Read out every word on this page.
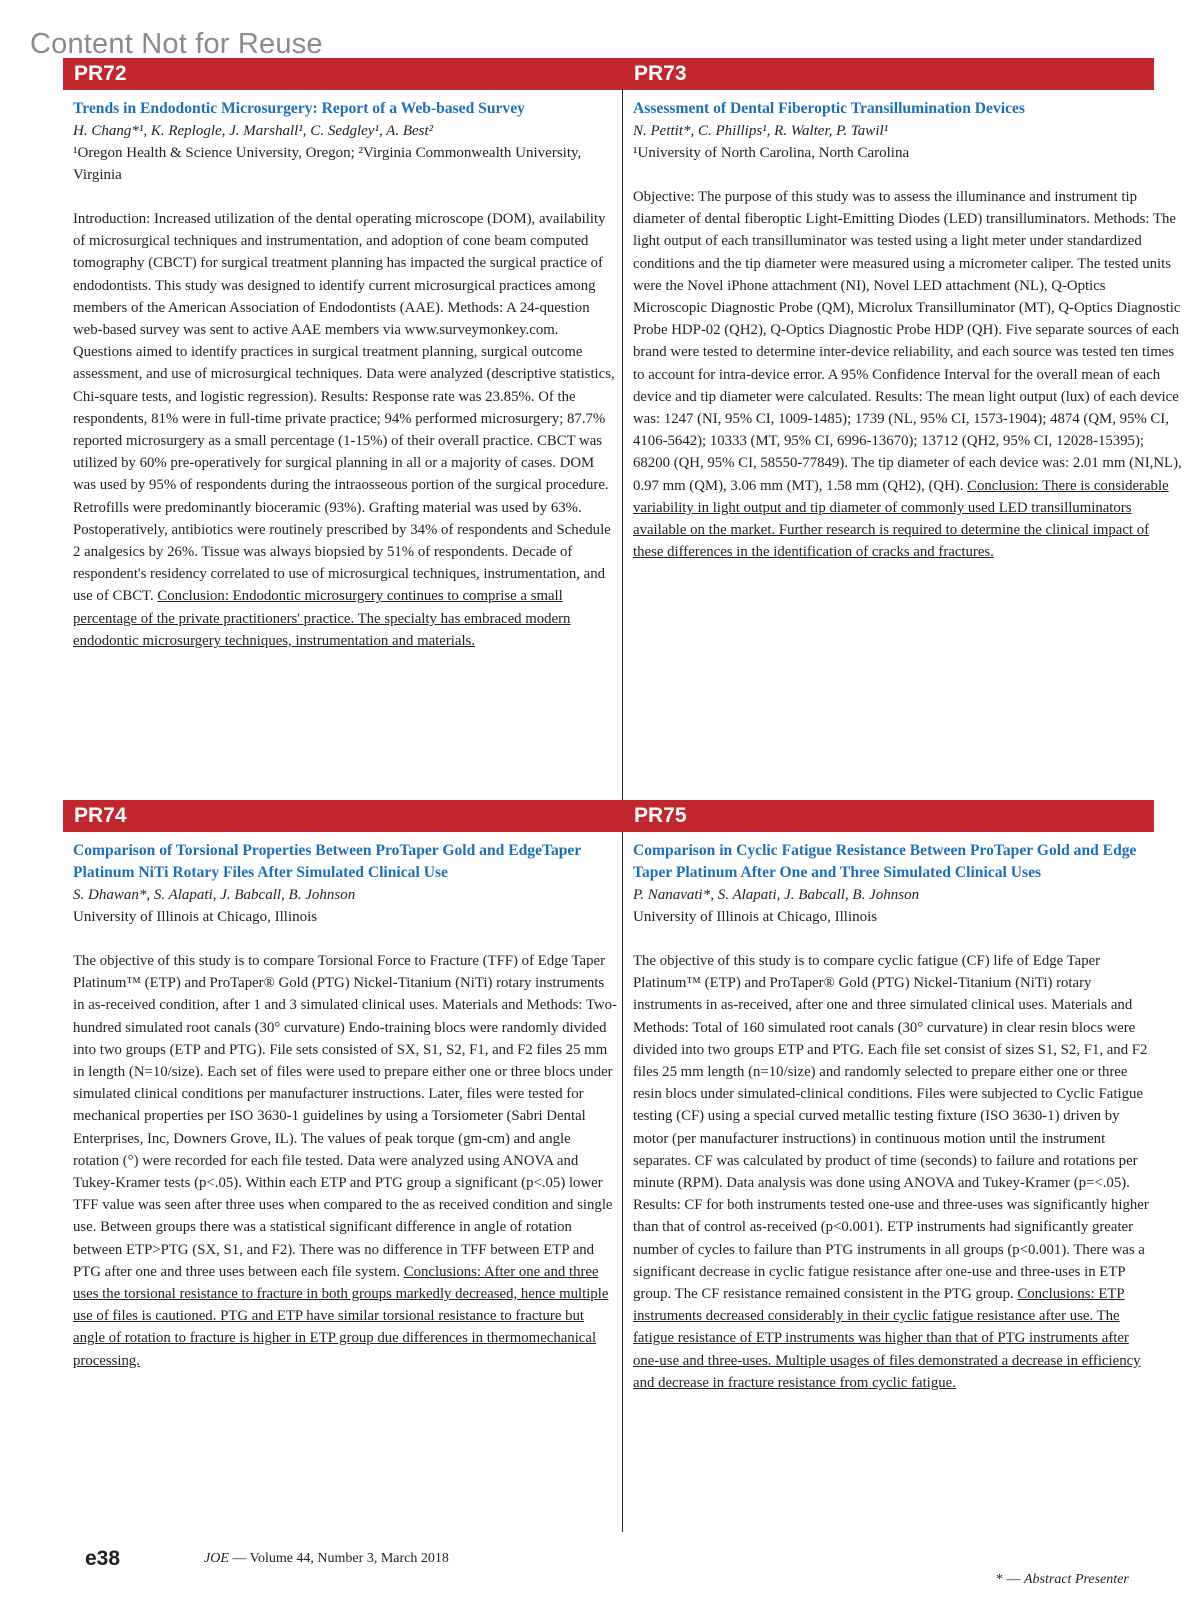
Content Not for Reuse
PR72	PR73
PR74	PR75
Trends in Endodontic Microsurgery: Report of a Web-based Survey
H. Chang*¹, K. Replogle, J. Marshall¹, C. Sedgley¹, A. Best²
¹Oregon Health & Science University, Oregon; ²Virginia Commonwealth University, Virginia
Introduction: Increased utilization of the dental operating microscope (DOM), availability of microsurgical techniques and instrumentation, and adoption of cone beam computed tomography (CBCT) for surgical treatment planning has impacted the surgical practice of endodontists. This study was designed to identify current microsurgical practices among members of the American Association of Endodontists (AAE). Methods: A 24-question web-based survey was sent to active AAE members via www.surveymonkey.com. Questions aimed to identify practices in surgical treatment planning, surgical outcome assessment, and use of microsurgical techniques. Data were analyzed (descriptive statistics, Chi-square tests, and logistic regression). Results: Response rate was 23.85%. Of the respondents, 81% were in full-time private practice; 94% performed microsurgery; 87.7% reported microsurgery as a small percentage (1-15%) of their overall practice. CBCT was utilized by 60% pre-operatively for surgical planning in all or a majority of cases. DOM was used by 95% of respondents during the intraosseous portion of the surgical procedure. Retrofills were predominantly bioceramic (93%). Grafting material was used by 63%. Postoperatively, antibiotics were routinely prescribed by 34% of respondents and Schedule 2 analgesics by 26%. Tissue was always biopsied by 51% of respondents. Decade of respondent's residency correlated to use of microsurgical techniques, instrumentation, and use of CBCT. Conclusion: Endodontic microsurgery continues to comprise a small percentage of the private practitioners' practice. The specialty has embraced modern endodontic microsurgery techniques, instrumentation and materials.
Assessment of Dental Fiberoptic Transillumination Devices
N. Pettit*, C. Phillips¹, R. Walter, P. Tawil¹
¹University of North Carolina, North Carolina
Objective: The purpose of this study was to assess the illuminance and instrument tip diameter of dental fiberoptic Light-Emitting Diodes (LED) transilluminators. Methods: The light output of each transilluminator was tested using a light meter under standardized conditions and the tip diameter were measured using a micrometer caliper. The tested units were the Novel iPhone attachment (NI), Novel LED attachment (NL), Q-Optics Microscopic Diagnostic Probe (QM), Microlux Transilluminator (MT), Q-Optics Diagnostic Probe HDP-02 (QH2), Q-Optics Diagnostic Probe HDP (QH). Five separate sources of each brand were tested to determine inter-device reliability, and each source was tested ten times to account for intra-device error. A 95% Confidence Interval for the overall mean of each device and tip diameter were calculated. Results: The mean light output (lux) of each device was: 1247 (NI, 95% CI, 1009-1485); 1739 (NL, 95% CI, 1573-1904); 4874 (QM, 95% CI, 4106-5642); 10333 (MT, 95% CI, 6996-13670); 13712 (QH2, 95% CI, 12028-15395); 68200 (QH, 95% CI, 58550-77849). The tip diameter of each device was: 2.01 mm (NI,NL), 0.97 mm (QM), 3.06 mm (MT), 1.58 mm (QH2), (QH). Conclusion: There is considerable variability in light output and tip diameter of commonly used LED transilluminators available on the market. Further research is required to determine the clinical impact of these differences in the identification of cracks and fractures.
Comparison of Torsional Properties Between ProTaper Gold and EdgeTaper Platinum NiTi Rotary Files After Simulated Clinical Use
S. Dhawan*, S. Alapati, J. Babcall, B. Johnson
University of Illinois at Chicago, Illinois
The objective of this study is to compare Torsional Force to Fracture (TFF) of Edge Taper Platinum™ (ETP) and ProTaper® Gold (PTG) Nickel-Titanium (NiTi) rotary instruments in as-received condition, after 1 and 3 simulated clinical uses. Materials and Methods: Two-hundred simulated root canals (30° curvature) Endo-training blocs were randomly divided into two groups (ETP and PTG). File sets consisted of SX, S1, S2, F1, and F2 files 25 mm in length (N=10/size). Each set of files were used to prepare either one or three blocs under simulated clinical conditions per manufacturer instructions. Later, files were tested for mechanical properties per ISO 3630-1 guidelines by using a Torsiometer (Sabri Dental Enterprises, Inc, Downers Grove, IL). The values of peak torque (gm-cm) and angle rotation (°) were recorded for each file tested. Data were analyzed using ANOVA and Tukey-Kramer tests (p<.05). Within each ETP and PTG group a significant (p<.05) lower TFF value was seen after three uses when compared to the as received condition and single use. Between groups there was a statistical significant difference in angle of rotation between ETP>PTG (SX, S1, and F2). There was no difference in TFF between ETP and PTG after one and three uses between each file system. Conclusions: After one and three uses the torsional resistance to fracture in both groups markedly decreased, hence multiple use of files is cautioned. PTG and ETP have similar torsional resistance to fracture but angle of rotation to fracture is higher in ETP group due differences in thermomechanical processing.
Comparison in Cyclic Fatigue Resistance Between ProTaper Gold and Edge Taper Platinum After One and Three Simulated Clinical Uses
P. Nanavati*, S. Alapati, J. Babcall, B. Johnson
University of Illinois at Chicago, Illinois
The objective of this study is to compare cyclic fatigue (CF) life of Edge Taper Platinum™ (ETP) and ProTaper® Gold (PTG) Nickel-Titanium (NiTi) rotary instruments in as-received, after one and three simulated clinical uses. Materials and Methods: Total of 160 simulated root canals (30° curvature) in clear resin blocs were divided into two groups ETP and PTG. Each file set consist of sizes S1, S2, F1, and F2 files 25 mm length (n=10/size) and randomly selected to prepare either one or three resin blocs under simulated-clinical conditions. Files were subjected to Cyclic Fatigue testing (CF) using a special curved metallic testing fixture (ISO 3630-1) driven by motor (per manufacturer instructions) in continuous motion until the instrument separates. CF was calculated by product of time (seconds) to failure and rotations per minute (RPM). Data analysis was done using ANOVA and Tukey-Kramer (p=<.05). Results: CF for both instruments tested one-use and three-uses was significantly higher than that of control as-received (p<0.001). ETP instruments had significantly greater number of cycles to failure than PTG instruments in all groups (p<0.001). There was a significant decrease in cyclic fatigue resistance after one-use and three-uses in ETP group. The CF resistance remained consistent in the PTG group. Conclusions: ETP instruments decreased considerably in their cyclic fatigue resistance after use. The fatigue resistance of ETP instruments was higher than that of PTG instruments after one-use and three-uses. Multiple usages of files demonstrated a decrease in efficiency and decrease in fracture resistance from cyclic fatigue.
e38	JOE — Volume 44, Number 3, March 2018
* — Abstract Presenter
